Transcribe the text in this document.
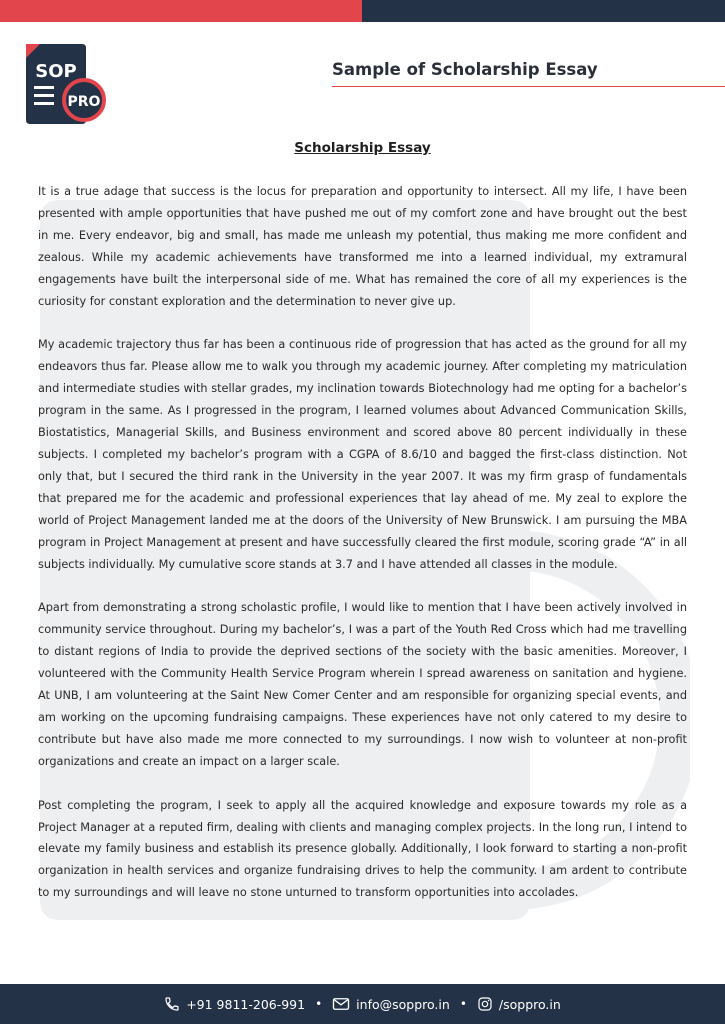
SOP
PRO
Sample of Scholarship Essay
Scholarship Essay

It is a true adage that success is the locus for preparation and opportunity to intersect. All my life, I have been presented with ample opportunities that have pushed me out of my comfort zone and have brought out the best in me. Every endeavor, big and small, has made me unleash my potential, thus making me more confident and zealous. While my academic achievements have transformed me into a learned individual, my extramural engagements have built the interpersonal side of me. What has remained the core of all my experiences is the curiosity for constant exploration and the determination to never give up.

My academic trajectory thus far has been a continuous ride of progression that has acted as the ground for all my endeavors thus far. Please allow me to walk you through my academic journey. After completing my matriculation and intermediate studies with stellar grades, my inclination towards Biotechnology had me opting for a bachelor’s program in the same. As I progressed in the program, I learned volumes about Advanced Communication Skills, Biostatistics, Managerial Skills, and Business environment and scored above 80 percent individually in these subjects. I completed my bachelor’s program with a CGPA of 8.6/10 and bagged the first-class distinction. Not only that, but I secured the third rank in the University in the year 2007. It was my firm grasp of fundamentals that prepared me for the academic and professional experiences that lay ahead of me. My zeal to explore the world of Project Management landed me at the doors of the University of New Brunswick. I am pursuing the MBA program in Project Management at present and have successfully cleared the first module, scoring grade “A” in all subjects individually. My cumulative score stands at 3.7 and I have attended all classes in the module.

Apart from demonstrating a strong scholastic profile, I would like to mention that I have been actively involved in community service throughout. During my bachelor’s, I was a part of the Youth Red Cross which had me travelling to distant regions of India to provide the deprived sections of the society with the basic amenities. Moreover, I volunteered with the Community Health Service Program wherein I spread awareness on sanitation and hygiene. At UNB, I am volunteering at the Saint New Comer Center and am responsible for organizing special events, and am working on the upcoming fundraising campaigns. These experiences have not only catered to my desire to contribute but have also made me more connected to my surroundings. I now wish to volunteer at non-profit organizations and create an impact on a larger scale.

Post completing the program, I seek to apply all the acquired knowledge and exposure towards my role as a Project Manager at a reputed firm, dealing with clients and managing complex projects. In the long run, I intend to elevate my family business and establish its presence globally. Additionally, I look forward to starting a non-profit organization in health services and organize fundraising drives to help the community. I am ardent to contribute to my surroundings and will leave no stone unturned to transform opportunities into accolades.

+91 9811-206-991 •	info@soppro.in •	/soppro.in
